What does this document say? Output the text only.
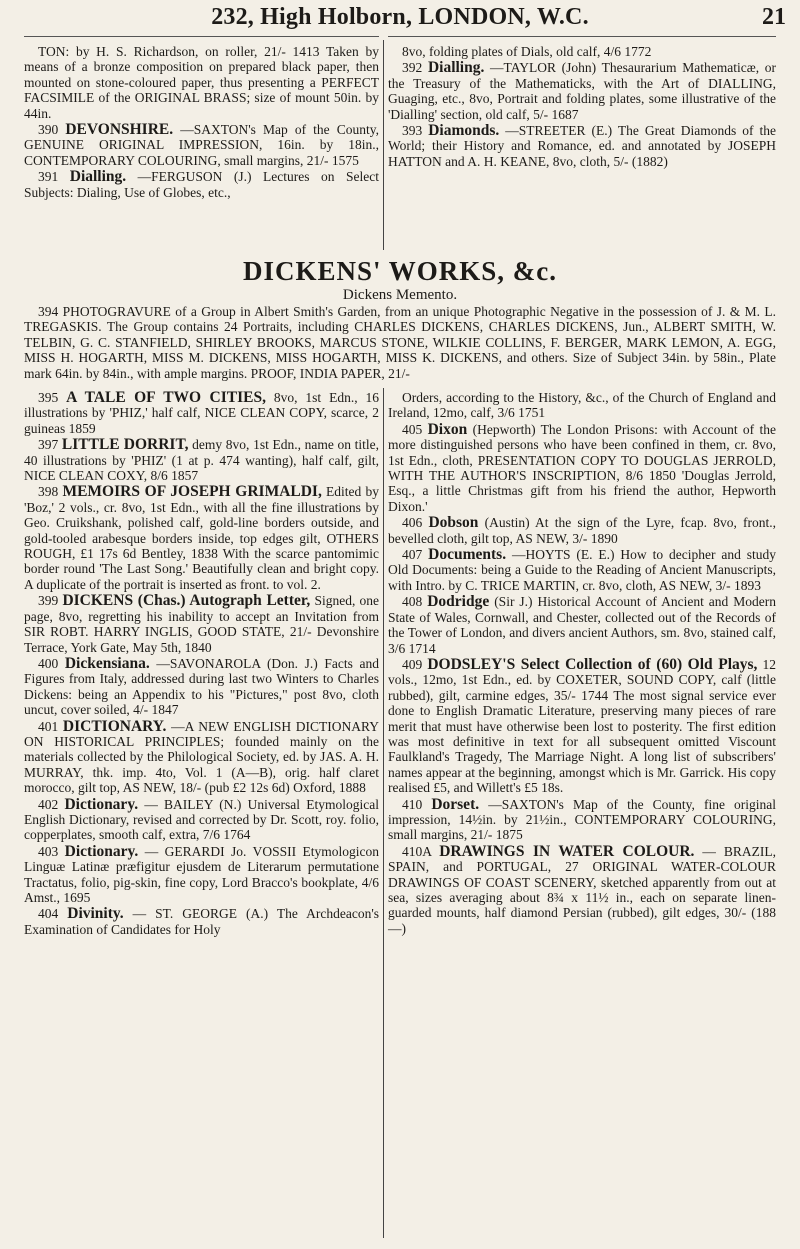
232, High Holborn, LONDON, W.C.	21
TON: by H. S. Richardson, on roller, 21/- 1413 Taken by means of a bronze composition on prepared black paper, then mounted on stone-coloured paper, thus presenting a PERFECT FACSIMILE of the ORIGINAL BRASS; size of mount 50in. by 44in.
390 DEVONSHIRE. —SAXTON's Map of the County, GENUINE ORIGINAL IMPRESSION, 16in. by 18in., CONTEMPORARY COLOURING, small margins, 21/- 1575
391 Dialling. —FERGUSON (J.) Lectures on Select Subjects: Dialing, Use of Globes, etc.,
8vo, folding plates of Dials, old calf, 4/6 1772
392 Dialling. —TAYLOR (John) Thesaurarium Mathematicæ, or the Treasury of the Mathematicks, with the Art of DIALLING, Guaging, etc., 8vo, Portrait and folding plates, some illustrative of the 'Dialling' section, old calf, 5/- 1687
393 Diamonds. —STREETER (E.) The Great Diamonds of the World; their History and Romance, ed. and annotated by JOSEPH HATTON and A. H. KEANE, 8vo, cloth, 5/- (1882)
DICKENS' WORKS, &c.
Dickens Memento.
394 PHOTOGRAVURE of a Group in Albert Smith's Garden, from an unique Photographic Negative in the possession of J. & M. L. TREGASKIS. The Group contains 24 Portraits, including CHARLES DICKENS, CHARLES DICKENS, Jun., ALBERT SMITH, W. TELBIN, G. C. STANFIELD, SHIRLEY BROOKS, MARCUS STONE, WILKIE COLLINS, F. BERGER, MARK LEMON, A. EGG, MISS H. HOGARTH, MISS M. DICKENS, MISS HOGARTH, MISS K. DICKENS, and others. Size of Subject 34in. by 58in., Plate mark 64in. by 84in., with ample margins. PROOF, INDIA PAPER, 21/-
395 A TALE OF TWO CITIES, 8vo, 1st Edn., 16 illustrations by 'PHIZ,' half calf, NICE CLEAN COPY, scarce, 2 guineas 1859
397 LITTLE DORRIT, demy 8vo, 1st Edn., name on title, 40 illustrations by 'PHIZ' (1 at p. 474 wanting), half calf, gilt, NICE CLEAN COXY, 8/6 1857
398 MEMOIRS OF JOSEPH GRIMALDI, Edited by 'Boz,' 2 vols., cr. 8vo, 1st Edn., with all the fine illustrations by Geo. Cruikshank, polished calf, gold-line borders outside, and gold-tooled arabesque borders inside, top edges gilt, OTHERS ROUGH, £1 17s 6d Bentley, 1838 With the scarce pantomimic border round 'The Last Song.' Beautifully clean and bright copy. A duplicate of the portrait is inserted as front. to vol. 2.
399 DICKENS (Chas.) Autograph Letter, Signed, one page, 8vo, regretting his inability to accept an Invitation from SIR ROBT. HARRY INGLIS, GOOD STATE, 21/- Devonshire Terrace, York Gate, May 5th, 1840
400 Dickensiana. —SAVONAROLA (Don. J.) Facts and Figures from Italy, addressed during last two Winters to Charles Dickens: being an Appendix to his "Pictures," post 8vo, cloth uncut, cover soiled, 4/- 1847
401 DICTIONARY. —A NEW ENGLISH DICTIONARY ON HISTORICAL PRINCIPLES; founded mainly on the materials collected by the Philological Society, ed. by JAS. A. H. MURRAY, thk. imp. 4to, Vol. 1 (A—B), orig. half claret morocco, gilt top, AS NEW, 18/- (pub £2 12s 6d) Oxford, 1888
402 Dictionary. — BAILEY (N.) Universal Etymological English Dictionary, revised and corrected by Dr. Scott, roy. folio, copperplates, smooth calf, extra, 7/6 1764
403 Dictionary. — GERARDI Jo. VOSSII Etymologicon Linguæ Latinæ præfigitur ejusdem de Literarum permutatione Tractatus, folio, pig-skin, fine copy, Lord Bracco's bookplate, 4/6 Amst., 1695
404 Divinity. — ST. GEORGE (A.) The Archdeacon's Examination of Candidates for Holy
Orders, according to the History, &c., of the Church of England and Ireland, 12mo, calf, 3/6 1751
405 Dixon (Hepworth) The London Prisons: with Account of the more distinguished persons who have been confined in them, cr. 8vo, 1st Edn., cloth, PRESENTATION COPY TO DOUGLAS JERROLD, WITH THE AUTHOR'S INSCRIPTION, 8/6 1850 'Douglas Jerrold, Esq., a little Christmas gift from his friend the author, Hepworth Dixon.'
406 Dobson (Austin) At the sign of the Lyre, fcap. 8vo, front., bevelled cloth, gilt top, AS NEW, 3/- 1890
407 Documents. —HOYTS (E. E.) How to decipher and study Old Documents: being a Guide to the Reading of Ancient Manuscripts, with Intro. by C. TRICE MARTIN, cr. 8vo, cloth, AS NEW, 3/- 1893
408 Dodridge (Sir J.) Historical Account of Ancient and Modern State of Wales, Cornwall, and Chester, collected out of the Records of the Tower of London, and divers ancient Authors, sm. 8vo, stained calf, 3/6 1714
409 DODSLEY'S Select Collection of (60) Old Plays, 12 vols., 12mo, 1st Edn., ed. by COXETER, SOUND COPY, calf (little rubbed), gilt, carmine edges, 35/- 1744 The most signal service ever done to English Dramatic Literature, preserving many pieces of rare merit that must have otherwise been lost to posterity. The first edition was most definitive in text for all subsequent omitted Viscount Faulkland's Tragedy, The Marriage Night. A long list of subscribers' names appear at the beginning, amongst which is Mr. Garrick. His copy realised £5, and Willett's £5 18s.
410 Dorset. —SAXTON's Map of the County, fine original impression, 14½in. by 21½in., CONTEMPORARY COLOURING, small margins, 21/- 1875
410A DRAWINGS IN WATER COLOUR. — BRAZIL, SPAIN, and PORTUGAL, 27 ORIGINAL WATER-COLOUR DRAWINGS OF COAST SCENERY, sketched apparently from out at sea, sizes averaging about 8¾ x 11½ in., each on separate linen-guarded mounts, half diamond Persian (rubbed), gilt edges, 30/- (188—)
